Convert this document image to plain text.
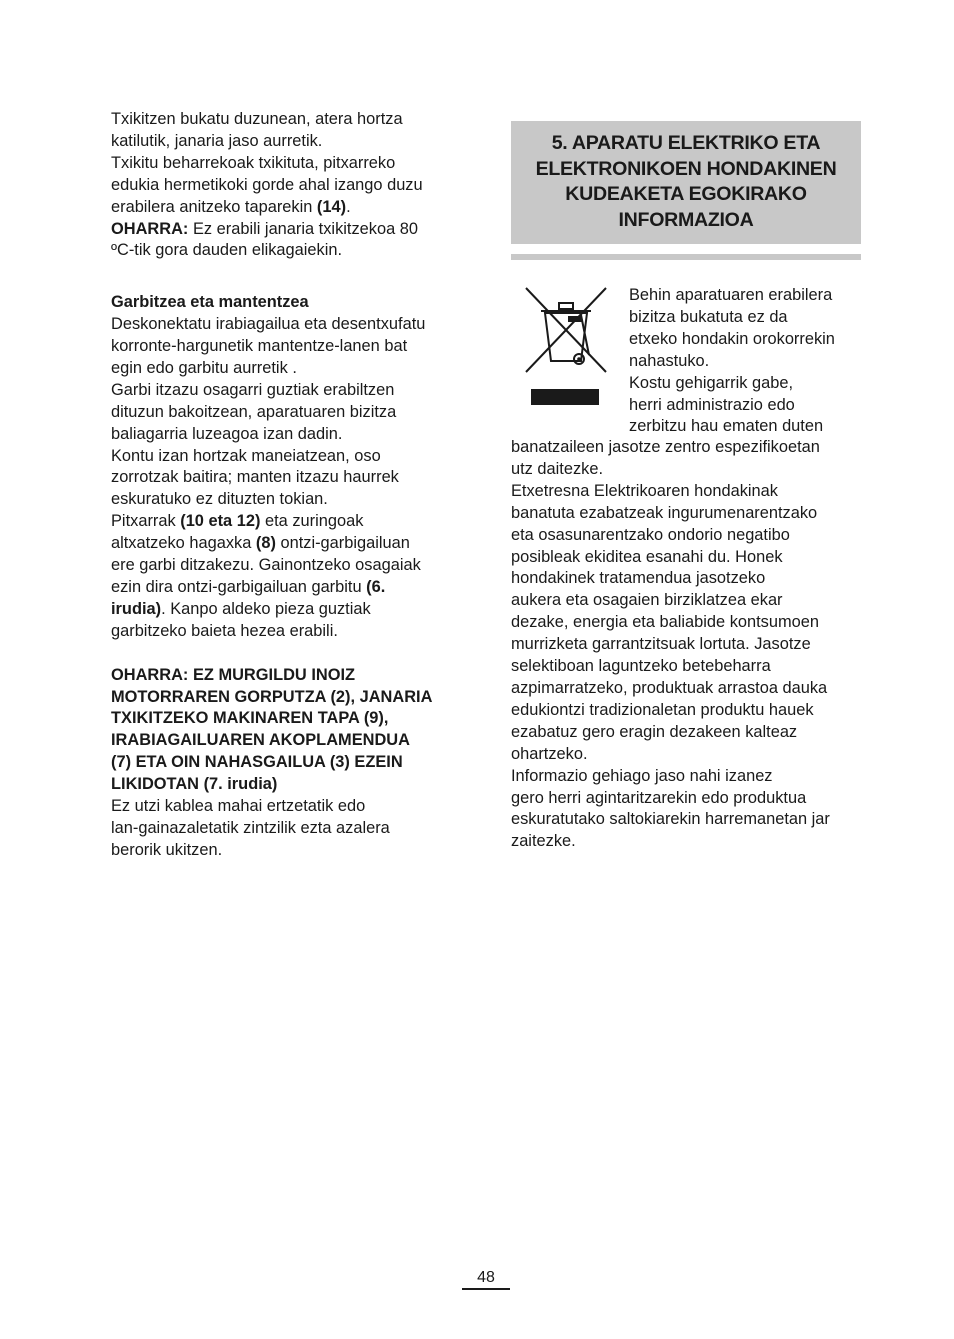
Txikitzen bukatu duzunean, atera hortza
katilutik, janaria jaso aurretik.
Txikitu beharrekoak txikituta, pitxarreko
edukia hermetikoki gorde ahal izango duzu
erabilera anitzeko taparekin (14).
OHARRA: Ez erabili janaria txikitzekoa 80
ºC-tik gora dauden elikagaiekin.
Garbitzea eta mantentzea
Deskonektatu irabiagailua eta desentxufatu
korronte-hargunetik mantentze-lanen bat
egin edo garbitu aurretik .
Garbi itzazu osagarri guztiak erabiltzen
dituzun bakoitzean, aparatuaren bizitza
baliagarria luzeagoa izan dadin.
Kontu izan hortzak maneiatzean, oso
zorrotzak baitira; manten itzazu haurrek
eskuratuko ez dituzten tokian.
Pitxarrak (10 eta 12) eta zuringoak
altxatzeko hagaxka (8) ontzi-garbigailuan
ere garbi ditzakezu. Gainontzeko osagaiak
ezin dira ontzi-garbigailuan garbitu (6.
irudia). Kanpo aldeko pieza guztiak
garbitzeko baieta hezea erabili.
OHARRA: EZ MURGILDU INOIZ
MOTORRAREN GORPUTZA (2), JANARIA
TXIKITZEKO MAKINAREN TAPA (9),
IRABIAGAILUAREN AKOPLAMENDUA
(7) ETA OIN NAHASGAILUA (3) EZEIN
LIKIDOTAN (7. irudia)
Ez utzi kablea mahai ertzetatik edo
lan-gainazaletatik zintzilik ezta azalera
berorik ukitzen.
5. APARATU ELEKTRIKO ETA
ELEKTRONIKOEN HONDAKINEN
KUDEAKETA EGOKIRAKO
INFORMAZIOA
Behin aparatuaren erabilera
bizitza bukatuta ez da
etxeko hondakin orokorrekin
nahastuko.
Kostu gehigarrik gabe,
herri administrazio edo
zerbitzu hau ematen duten
banatzaileen jasotze zentro espezifikoetan
utz daitezke.
Etxetresna Elektrikoaren hondakinak
banatuta ezabatzeak ingurumenarentzako
eta osasunarentzako ondorio negatibo
posibleak ekiditea esanahi du. Honek
hondakinek tratamendua jasotzeko
aukera eta osagaien birziklatzea ekar
dezake, energia eta baliabide kontsumoen
murrizketa garrantzitsuak lortuta. Jasotze
selektiboan laguntzeko betebeharra
azpimarratzeko, produktuak arrastoa dauka
edukiontzi tradizionaletan produktu hauek
ezabatuz gero eragin dezakeen kalteaz
ohartzeko.
Informazio gehiago jaso nahi izanez
gero herri agintaritzarekin edo produktua
eskuratutako saltokiarekin harremanetan jar
zaitezke.
48
